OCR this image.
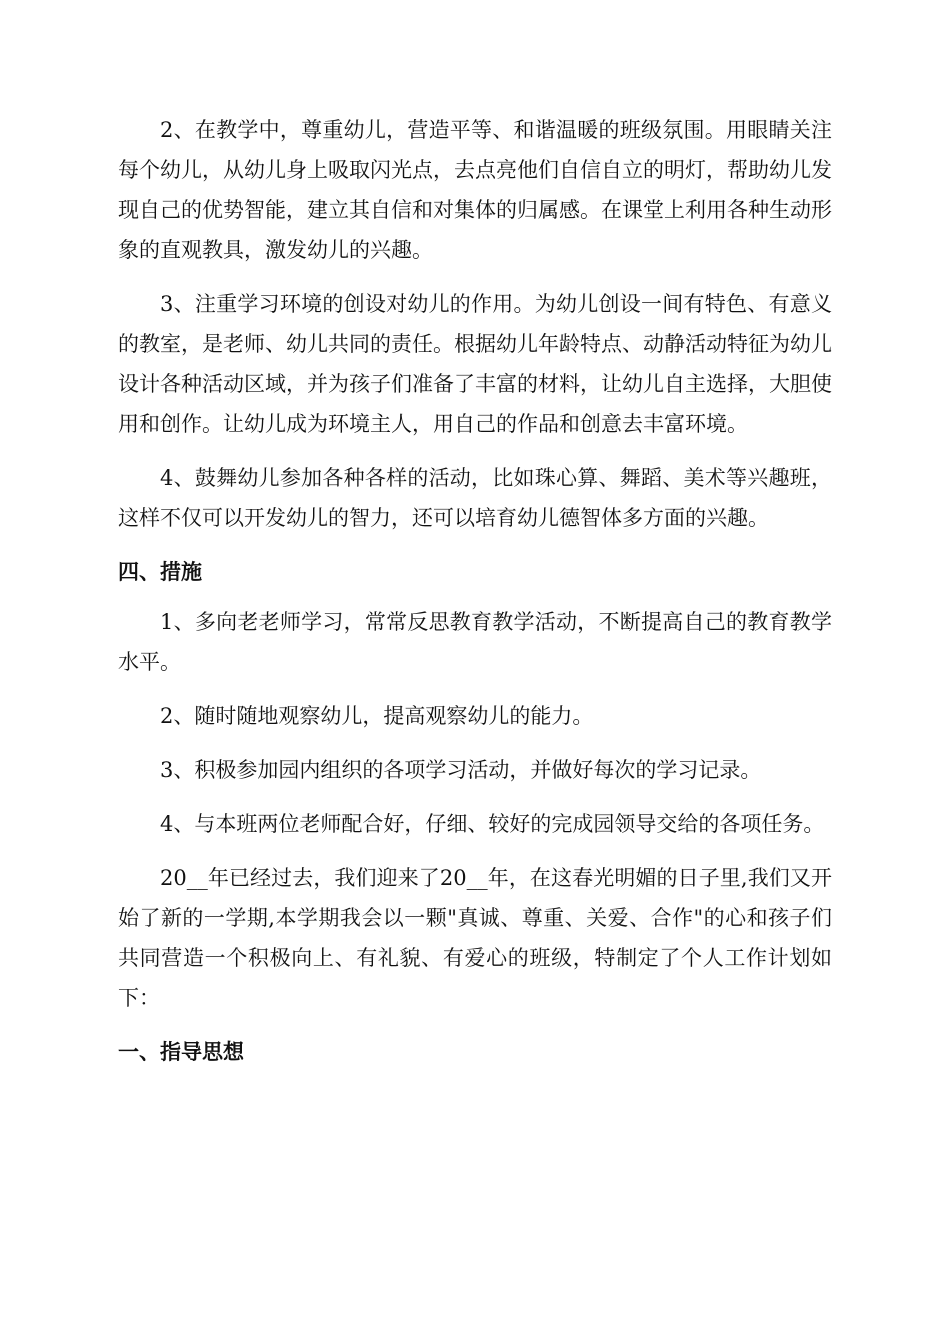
2、在教学中，尊重幼儿，营造平等、和谐温暖的班级氛围。用眼睛关注每个幼儿，从幼儿身上吸取闪光点，去点亮他们自信自立的明灯，帮助幼儿发现自己的优势智能，建立其自信和对集体的归属感。在课堂上利用各种生动形象的直观教具，激发幼儿的兴趣。

3、注重学习环境的创设对幼儿的作用。为幼儿创设一间有特色、有意义的教室，是老师、幼儿共同的责任。根据幼儿年龄特点、动静活动特征为幼儿设计各种活动区域，并为孩子们准备了丰富的材料，让幼儿自主选择，大胆使用和创作。让幼儿成为环境主人，用自己的作品和创意去丰富环境。

4、鼓舞幼儿参加各种各样的活动，比如珠心算、舞蹈、美术等兴趣班，这样不仅可以开发幼儿的智力，还可以培育幼儿德智体多方面的兴趣。

四、措施

1、多向老老师学习，常常反思教育教学活动，不断提高自己的教育教学水平。

2、随时随地观察幼儿，提高观察幼儿的能力。

3、积极参加园内组织的各项学习活动，并做好每次的学习记录。

4、与本班两位老师配合好，仔细、较好的完成园领导交给的各项任务。

20__年已经过去，我们迎来了20__年，在这春光明媚的日子里,我们又开始了新的一学期,本学期我会以一颗"真诚、尊重、关爱、合作"的心和孩子们共同营造一个积极向上、有礼貌、有爱心的班级，特制定了个人工作计划如下：

一、指导思想
